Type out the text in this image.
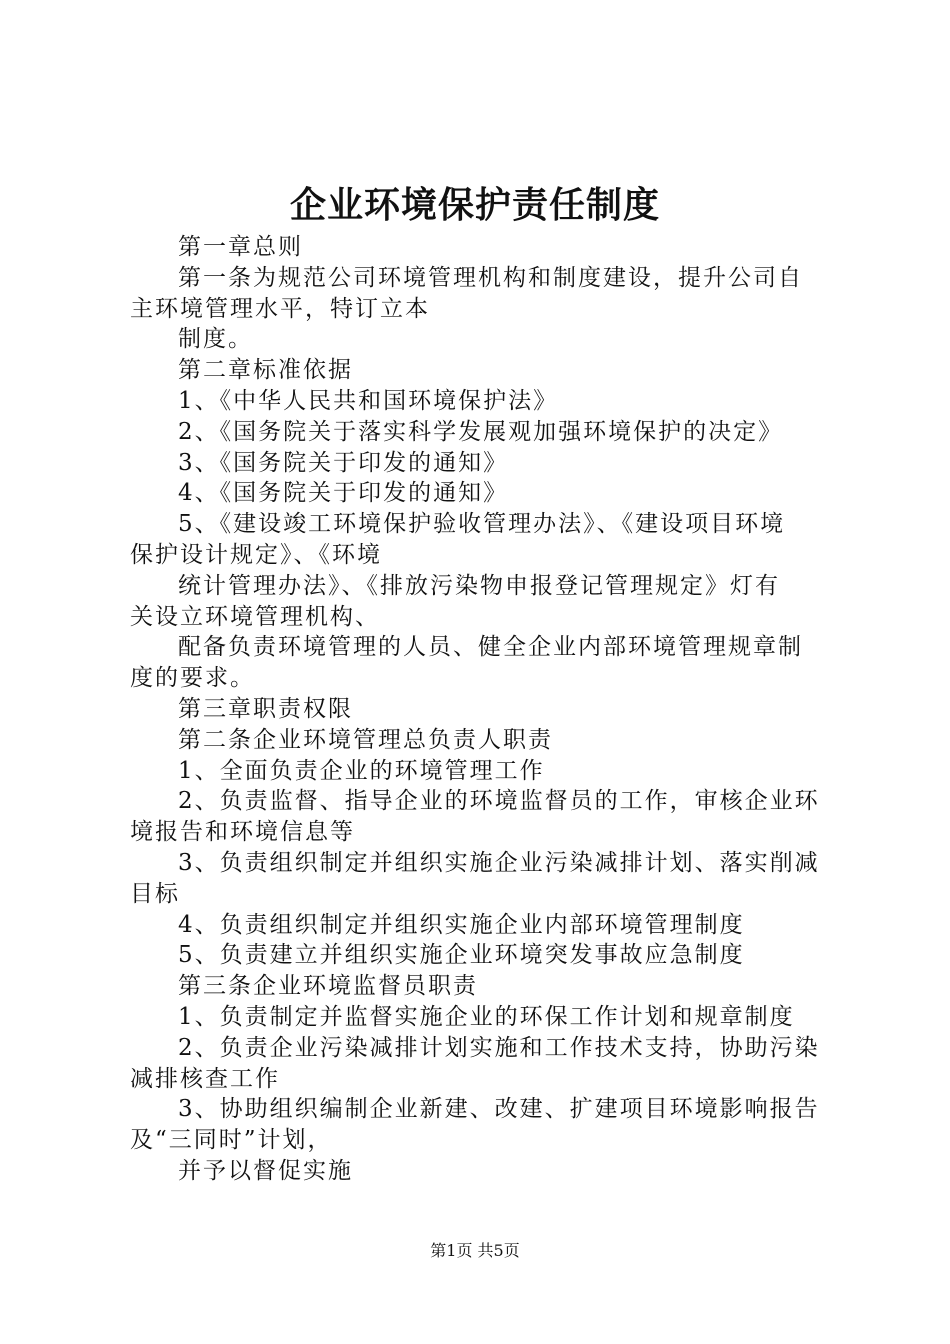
企业环境保护责任制度
第一章总则
第一条为规范公司环境管理机构和制度建设，提升公司自
主环境管理水平，特订立本
制度。
第二章标准依据
1、《中华人民共和国环境保护法》
2、《国务院关于落实科学发展观加强环境保护的决定》
3、《国务院关于印发的通知》
4、《国务院关于印发的通知》
5、《建设竣工环境保护验收管理办法》、《建设项目环境
保护设计规定》、《环境
统计管理办法》、《排放污染物申报登记管理规定》灯有
关设立环境管理机构、
配备负责环境管理的人员、健全企业内部环境管理规章制
度的要求。
第三章职责权限
第二条企业环境管理总负责人职责
1、全面负责企业的环境管理工作
2、负责监督、指导企业的环境监督员的工作，审核企业环
境报告和环境信息等
3、负责组织制定并组织实施企业污染减排计划、落实削减
目标
4、负责组织制定并组织实施企业内部环境管理制度
5、负责建立并组织实施企业环境突发事故应急制度
第三条企业环境监督员职责
1、负责制定并监督实施企业的环保工作计划和规章制度
2、负责企业污染减排计划实施和工作技术支持，协助污染
减排核查工作
3、协助组织编制企业新建、改建、扩建项目环境影响报告
及“三同时”计划，
并予以督促实施
第1页 共5页
